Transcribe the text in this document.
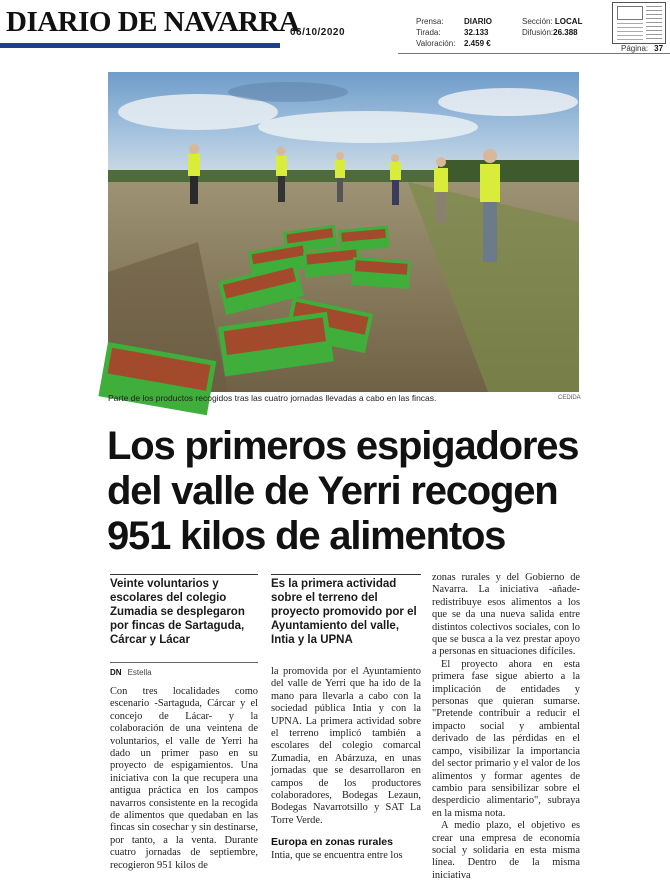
DIARIO DE NAVARRA
06/10/2020
Prensa:
Tirada:
Valoración:
DIARIO
32.133
2.459 €
Sección: LOCAL
Difusión:26.388
Página: 37
Parte de los productos recogidos tras las cuatro jornadas llevadas a cabo en las fincas.	CEDIDA
Los primeros espigadores
del valle de Yerri recogen
951 kilos de alimentos
Veinte voluntarios y escolares del colegio Zumadia se desplegaron por fincas de Sartaguda, Cárcar y Lácar
Es la primera actividad sobre el terreno del proyecto promovido por el Ayuntamiento del valle, Intia y la UPNA
DN Estella

Con tres localidades como escenario -Sartaguda, Cárcar y el concejo de Lácar- y la colaboración de una veintena de voluntarios, el valle de Yerri ha dado un primer paso en su proyecto de espigamientos. Una iniciativa con la que recupera una antigua práctica en los campos navarros consistente en la recogida de alimentos que quedaban en las fincas sin cosechar y sin destinarse, por tanto, a la venta. Durante cuatro jornadas de septiembre, recogieron 951 kilos de

la promovida por el Ayuntamiento del valle de Yerri que ha ido de la mano para llevarla a cabo con la sociedad pública Intia y con la UPNA. La primera actividad sobre el terreno implicó también a escolares del colegio comarcal Zumadia, en Abárzuza, en unas jornadas que se desarrollaron en campos de los productores colaboradores, Bodegas Lezaun, Bodegas Navarrotsillo y SAT La Torre Verde.

Europa en zonas rurales

Intia, que se encuentra entre los

zonas rurales y del Gobierno de Navarra. La iniciativa -añade- redistribuye esos alimentos a los que se da una nueva salida entre distintos colectivos sociales, con lo que se busca a la vez prestar apoyo a personas en situaciones difíciles.

El proyecto ahora en esta primera fase sigue abierto a la implicación de entidades y personas que quieran sumarse. "Pretende contribuir a reducir el impacto social y ambiental derivado de las pérdidas en el campo, visibilizar la importancia del sector primario y el valor de los alimentos y formar agentes de cambio para sensibilizar sobre el desperdicio alimentario", subraya en la misma nota.

A medio plazo, el objetivo es crear una empresa de economía social y solidaria en esta misma línea. Dentro de la misma iniciativa
